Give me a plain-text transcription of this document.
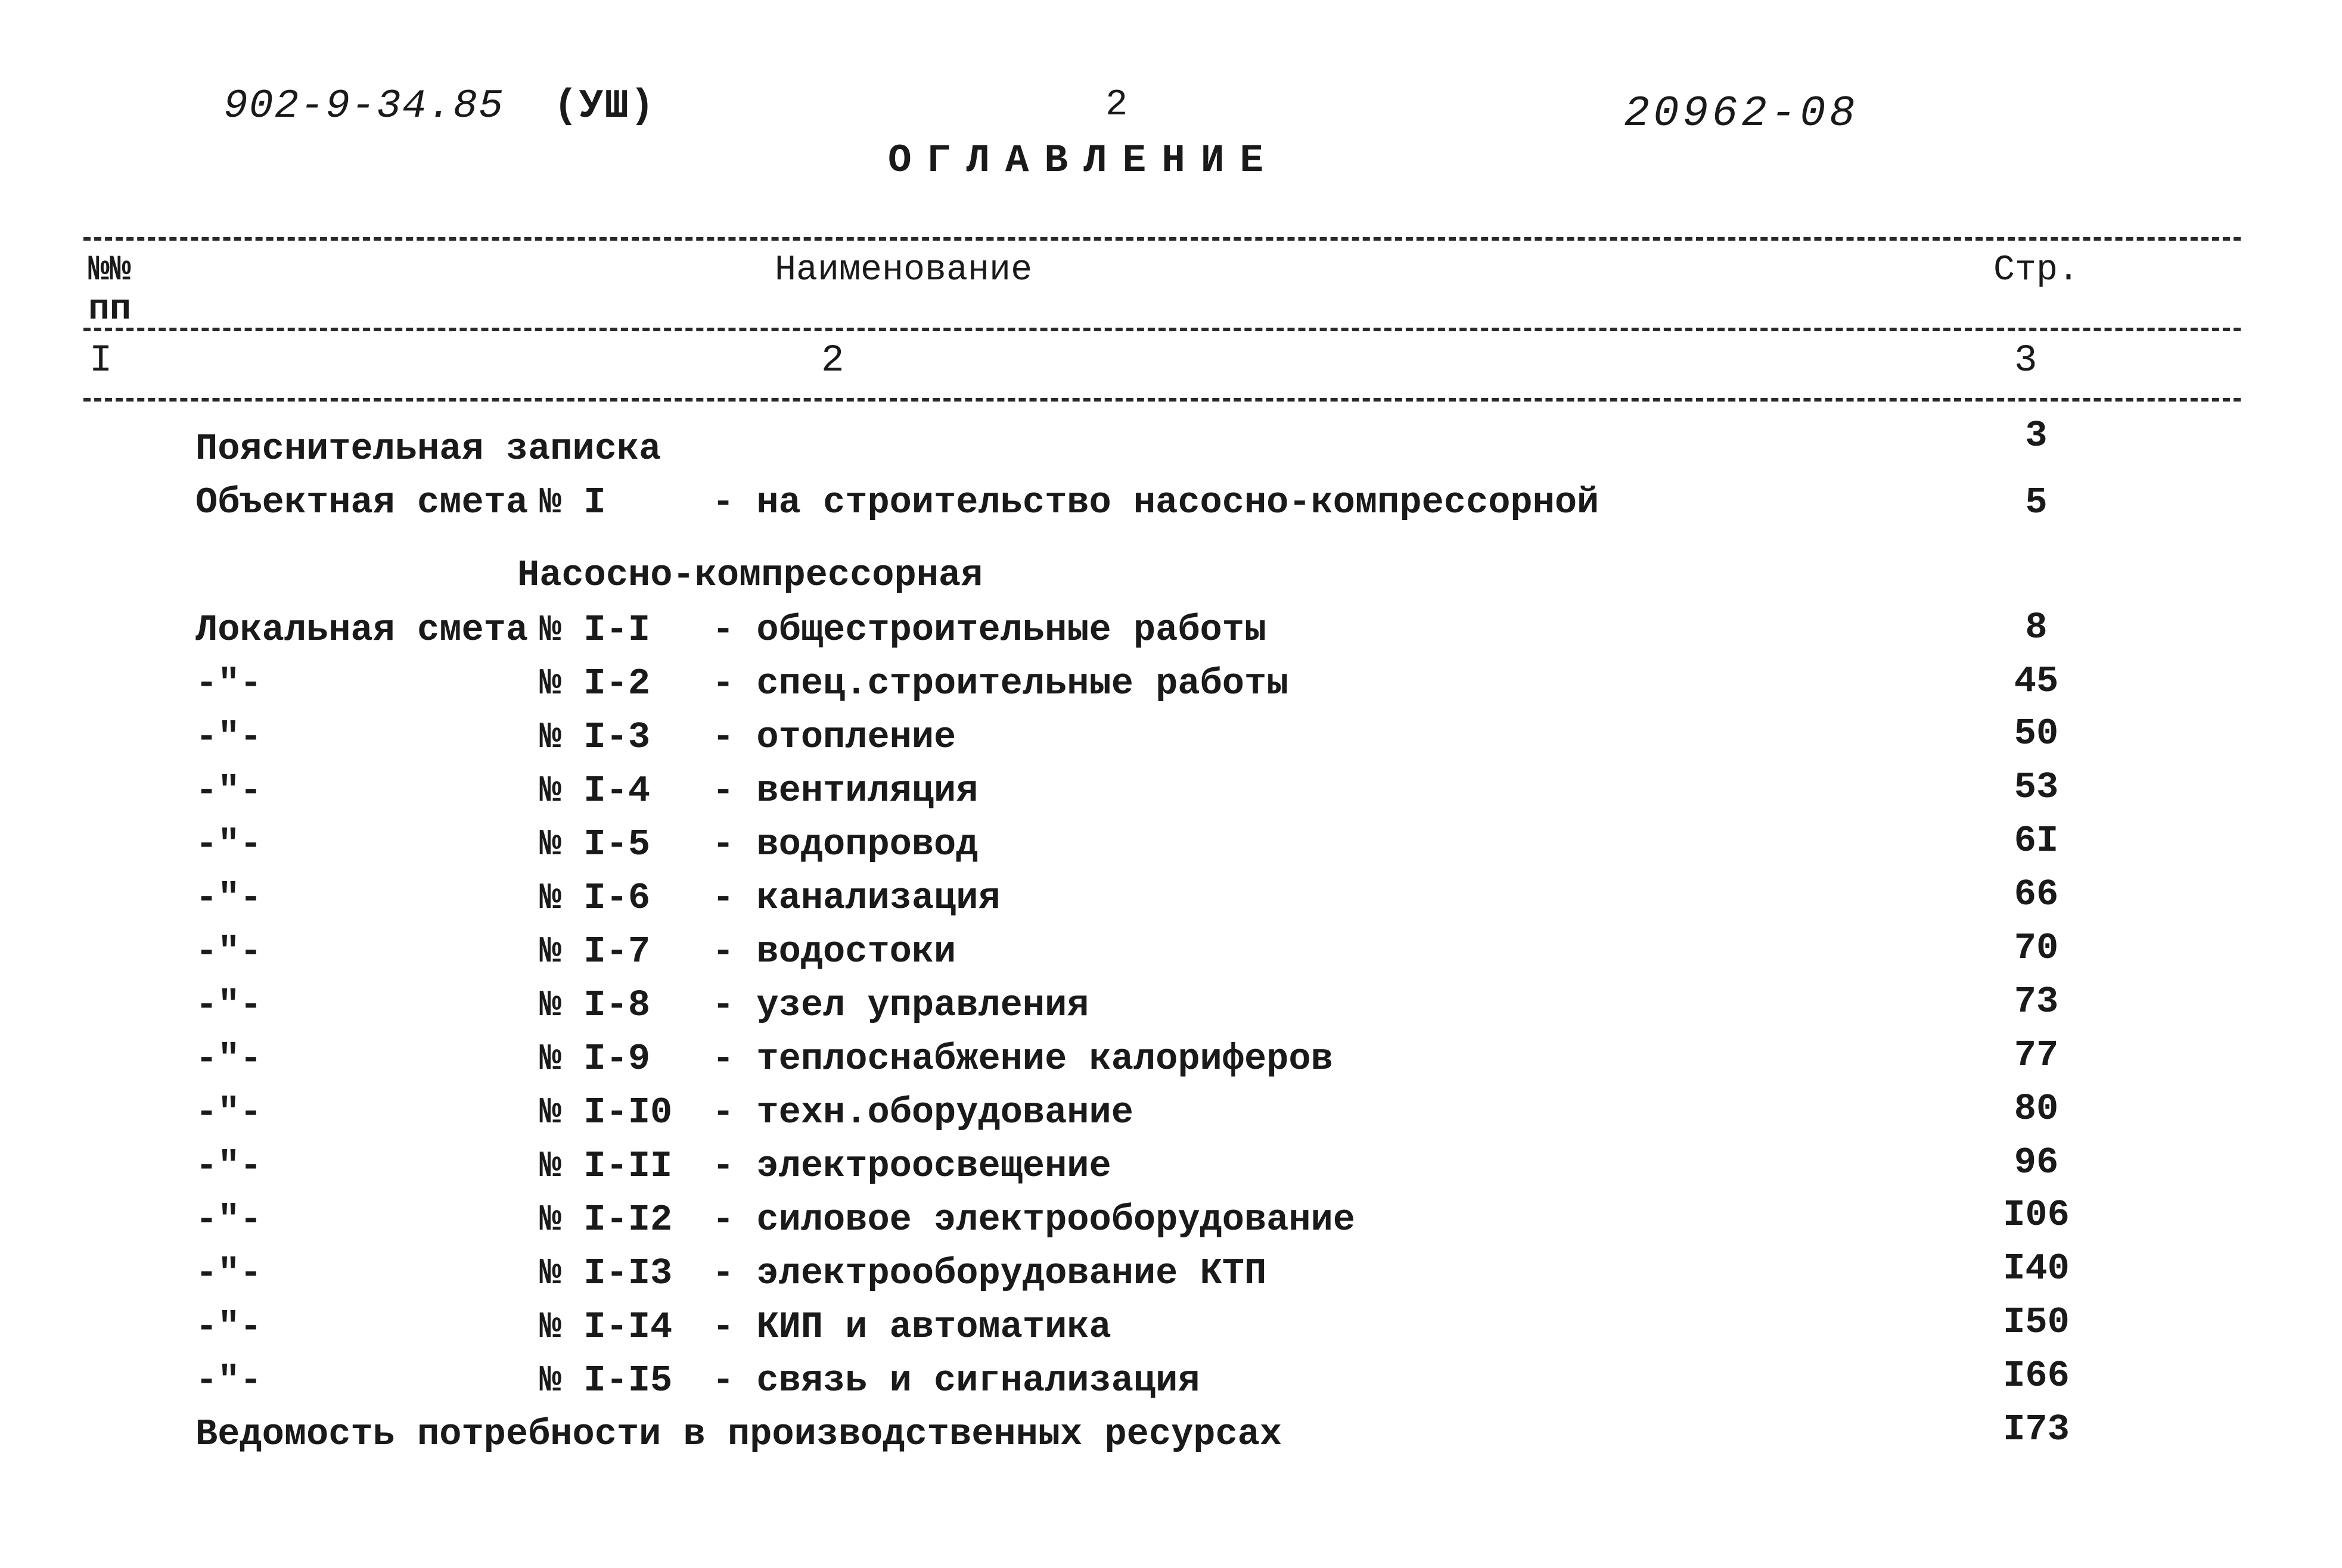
902-9-34.85 (УШ)	2	20962-08
ОГЛАВЛЕНИЕ
№№
пп
Наименование	Стр.
I	2	3
Пояснительная записка	3
Объектная смета № I	- на строительство насосно-компрессорной	5
Насосно-компрессорная
Локальная смета № I-I - общестроительные работы	8
-"-	№ I-2 - спец.строительные работы	45
-"-	№ I-3 - отопление	50
-"-	№ I-4 - вентиляция	53
-"-	№ I-5 - водопровод	6I
-"-	№ I-6 - канализация	66
-"-	№ I-7 - водостоки	70
-"-	№ I-8 - узел управления	73
-"-	№ I-9 - теплоснабжение калориферов	77
-"-	№ I-I0 - техн.оборудование	80
-"-	№ I-II - электроосвещение	96
-"-	№ I-I2 - силовое электрооборудование	I06
-"-	№ I-I3 - электрооборудование КТП	I40
-"-	№ I-I4 - КИП и автоматика	I50
-"-	№ I-I5 - связь и сигнализация	I66
Ведомость потребности в производственных ресурсах	I73
